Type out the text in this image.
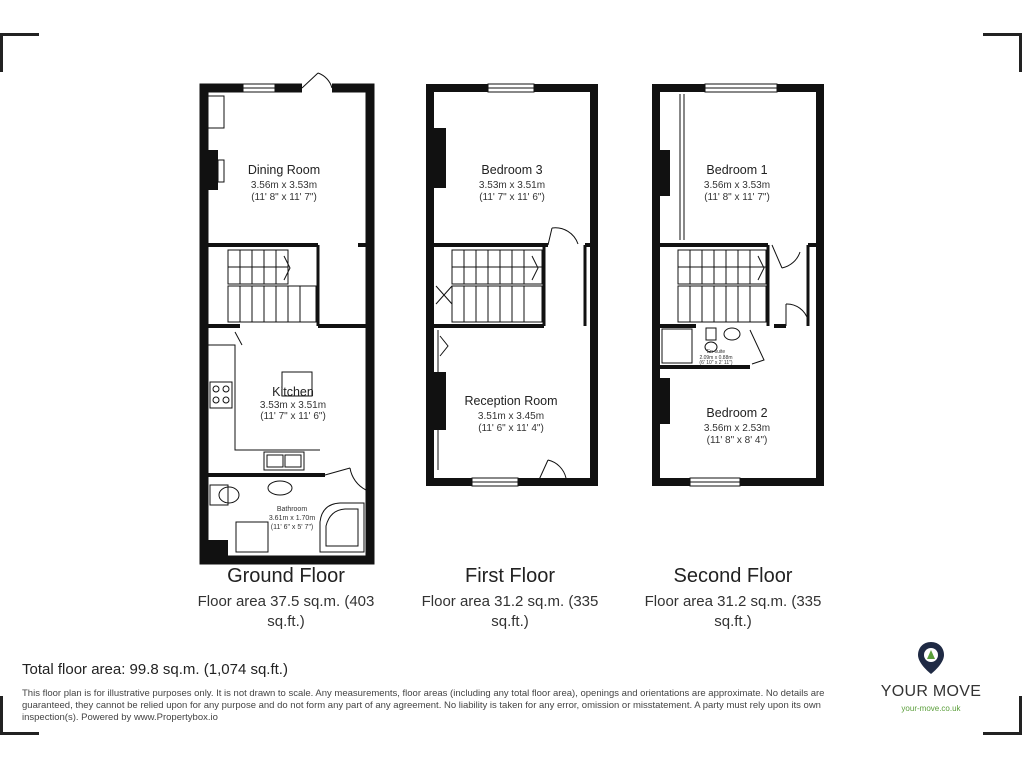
Dining Room
3.56m x 3.53m
(11' 8" x 11' 7")
Kitchen
3.53m x 3.51m
(11' 7" x 11' 6")
Bathroom
3.61m x 1.70m
(11' 6" x 5' 7")
Bedroom 3
3.53m x 3.51m
(11' 7" x 11' 6")
Reception Room
3.51m x 3.45m
(11' 6" x 11' 4")
En-suite
2.09m x 0.88m
(6' 10" x 2' 11")
Bedroom 1
3.56m x 3.53m
(11' 8" x 11' 7")
Bedroom 2
3.56m x 2.53m
(11' 8" x 8' 4")
Ground Floor
Floor area 37.5 sq.m. (403 sq.ft.)
First Floor
Floor area 31.2 sq.m. (335 sq.ft.)
Second Floor
Floor area 31.2 sq.m. (335 sq.ft.)
Total floor area: 99.8 sq.m. (1,074 sq.ft.)
This floor plan is for illustrative purposes only. It is not drawn to scale. Any measurements, floor areas (including any total floor area), openings and orientations are approximate. No details are guaranteed, they cannot be relied upon for any purpose and do not form any part of any agreement. No liability is taken for any error, omission or misstatement. A party must rely upon its own inspection(s). Powered by www.Propertybox.io
YOUR MOVE
your-move.co.uk
